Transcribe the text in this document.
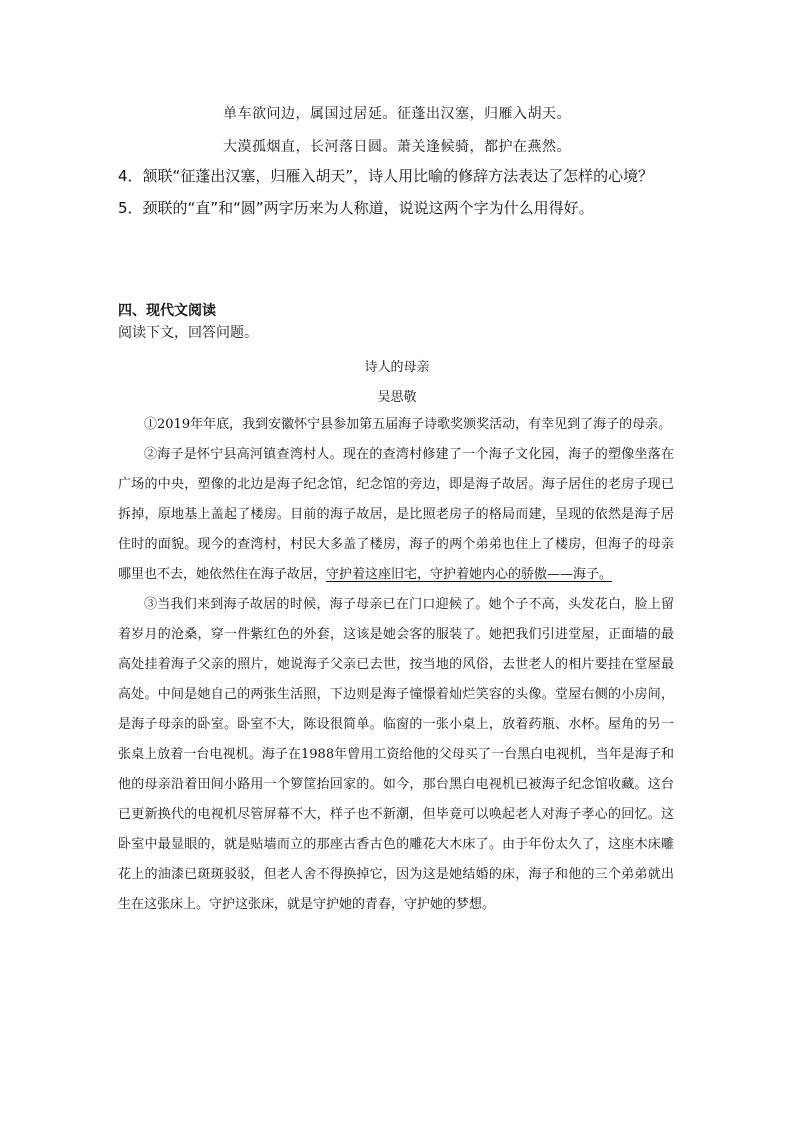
单车欲问边，属国过居延。征蓬出汉塞，归雁入胡天。
大漠孤烟直，长河落日圆。萧关逢候骑，都护在燕然。
4．颔联“征蓬出汉塞，归雁入胡天”，诗人用比喻的修辞方法表达了怎样的心境？
5．颈联的“直”和“圆”两字历来为人称道，说说这两个字为什么用得好。
四、现代文阅读
阅读下文，回答问题。
诗人的母亲
吴思敬

①2019年年底，我到安徽怀宁县参加第五届海子诗歌奖颁奖活动，有幸见到了海子的母亲。

②海子是怀宁县高河镇查湾村人。现在的查湾村修建了一个海子文化园，海子的塑像坐落在广场的中央，塑像的北边是海子纪念馆，纪念馆的旁边，即是海子故居。海子居住的老房子现已拆掉，原地基上盖起了楼房。目前的海子故居，是比照老房子的格局而建，呈现的依然是海子居住时的面貌。现今的查湾村，村民大多盖了楼房，海子的两个弟弟也住上了楼房，但海子的母亲哪里也不去，她依然住在海子故居，守护着这座旧宅，守护着她内心的骄傲——海子。

③当我们来到海子故居的时候，海子母亲已在门口迎候了。她个子不高，头发花白，脸上留着岁月的沧桑，穿一件紫红色的外套，这该是她会客的服装了。她把我们引进堂屋，正面墙的最高处挂着海子父亲的照片，她说海子父亲已去世，按当地的风俗，去世老人的相片要挂在堂屋最高处。中间是她自己的两张生活照，下边则是海子憧憬着灿烂笑容的头像。堂屋右侧的小房间，是海子母亲的卧室。卧室不大，陈设很简单。临窗的一张小桌上，放着药瓶、水杯。屋角的另一张桌上放着一台电视机。海子在1988年曾用工资给他的父母买了一台黑白电视机，当年是海子和他的母亲沿着田间小路用一个箩筐抬回家的。如今，那台黑白电视机已被海子纪念馆收藏。这台已更新换代的电视机尽管屏幕不大，样子也不新潮，但毕竟可以唤起老人对海子孝心的回忆。这卧室中最显眼的，就是贴墙而立的那座古香古色的雕花大木床了。由于年份太久了，这座木床雕花上的油漆已斑斑驳驳，但老人舍不得换掉它，因为这是她结婚的床，海子和他的三个弟弟就出生在这张床上。守护这张床，就是守护她的青春，守护她的梦想。
